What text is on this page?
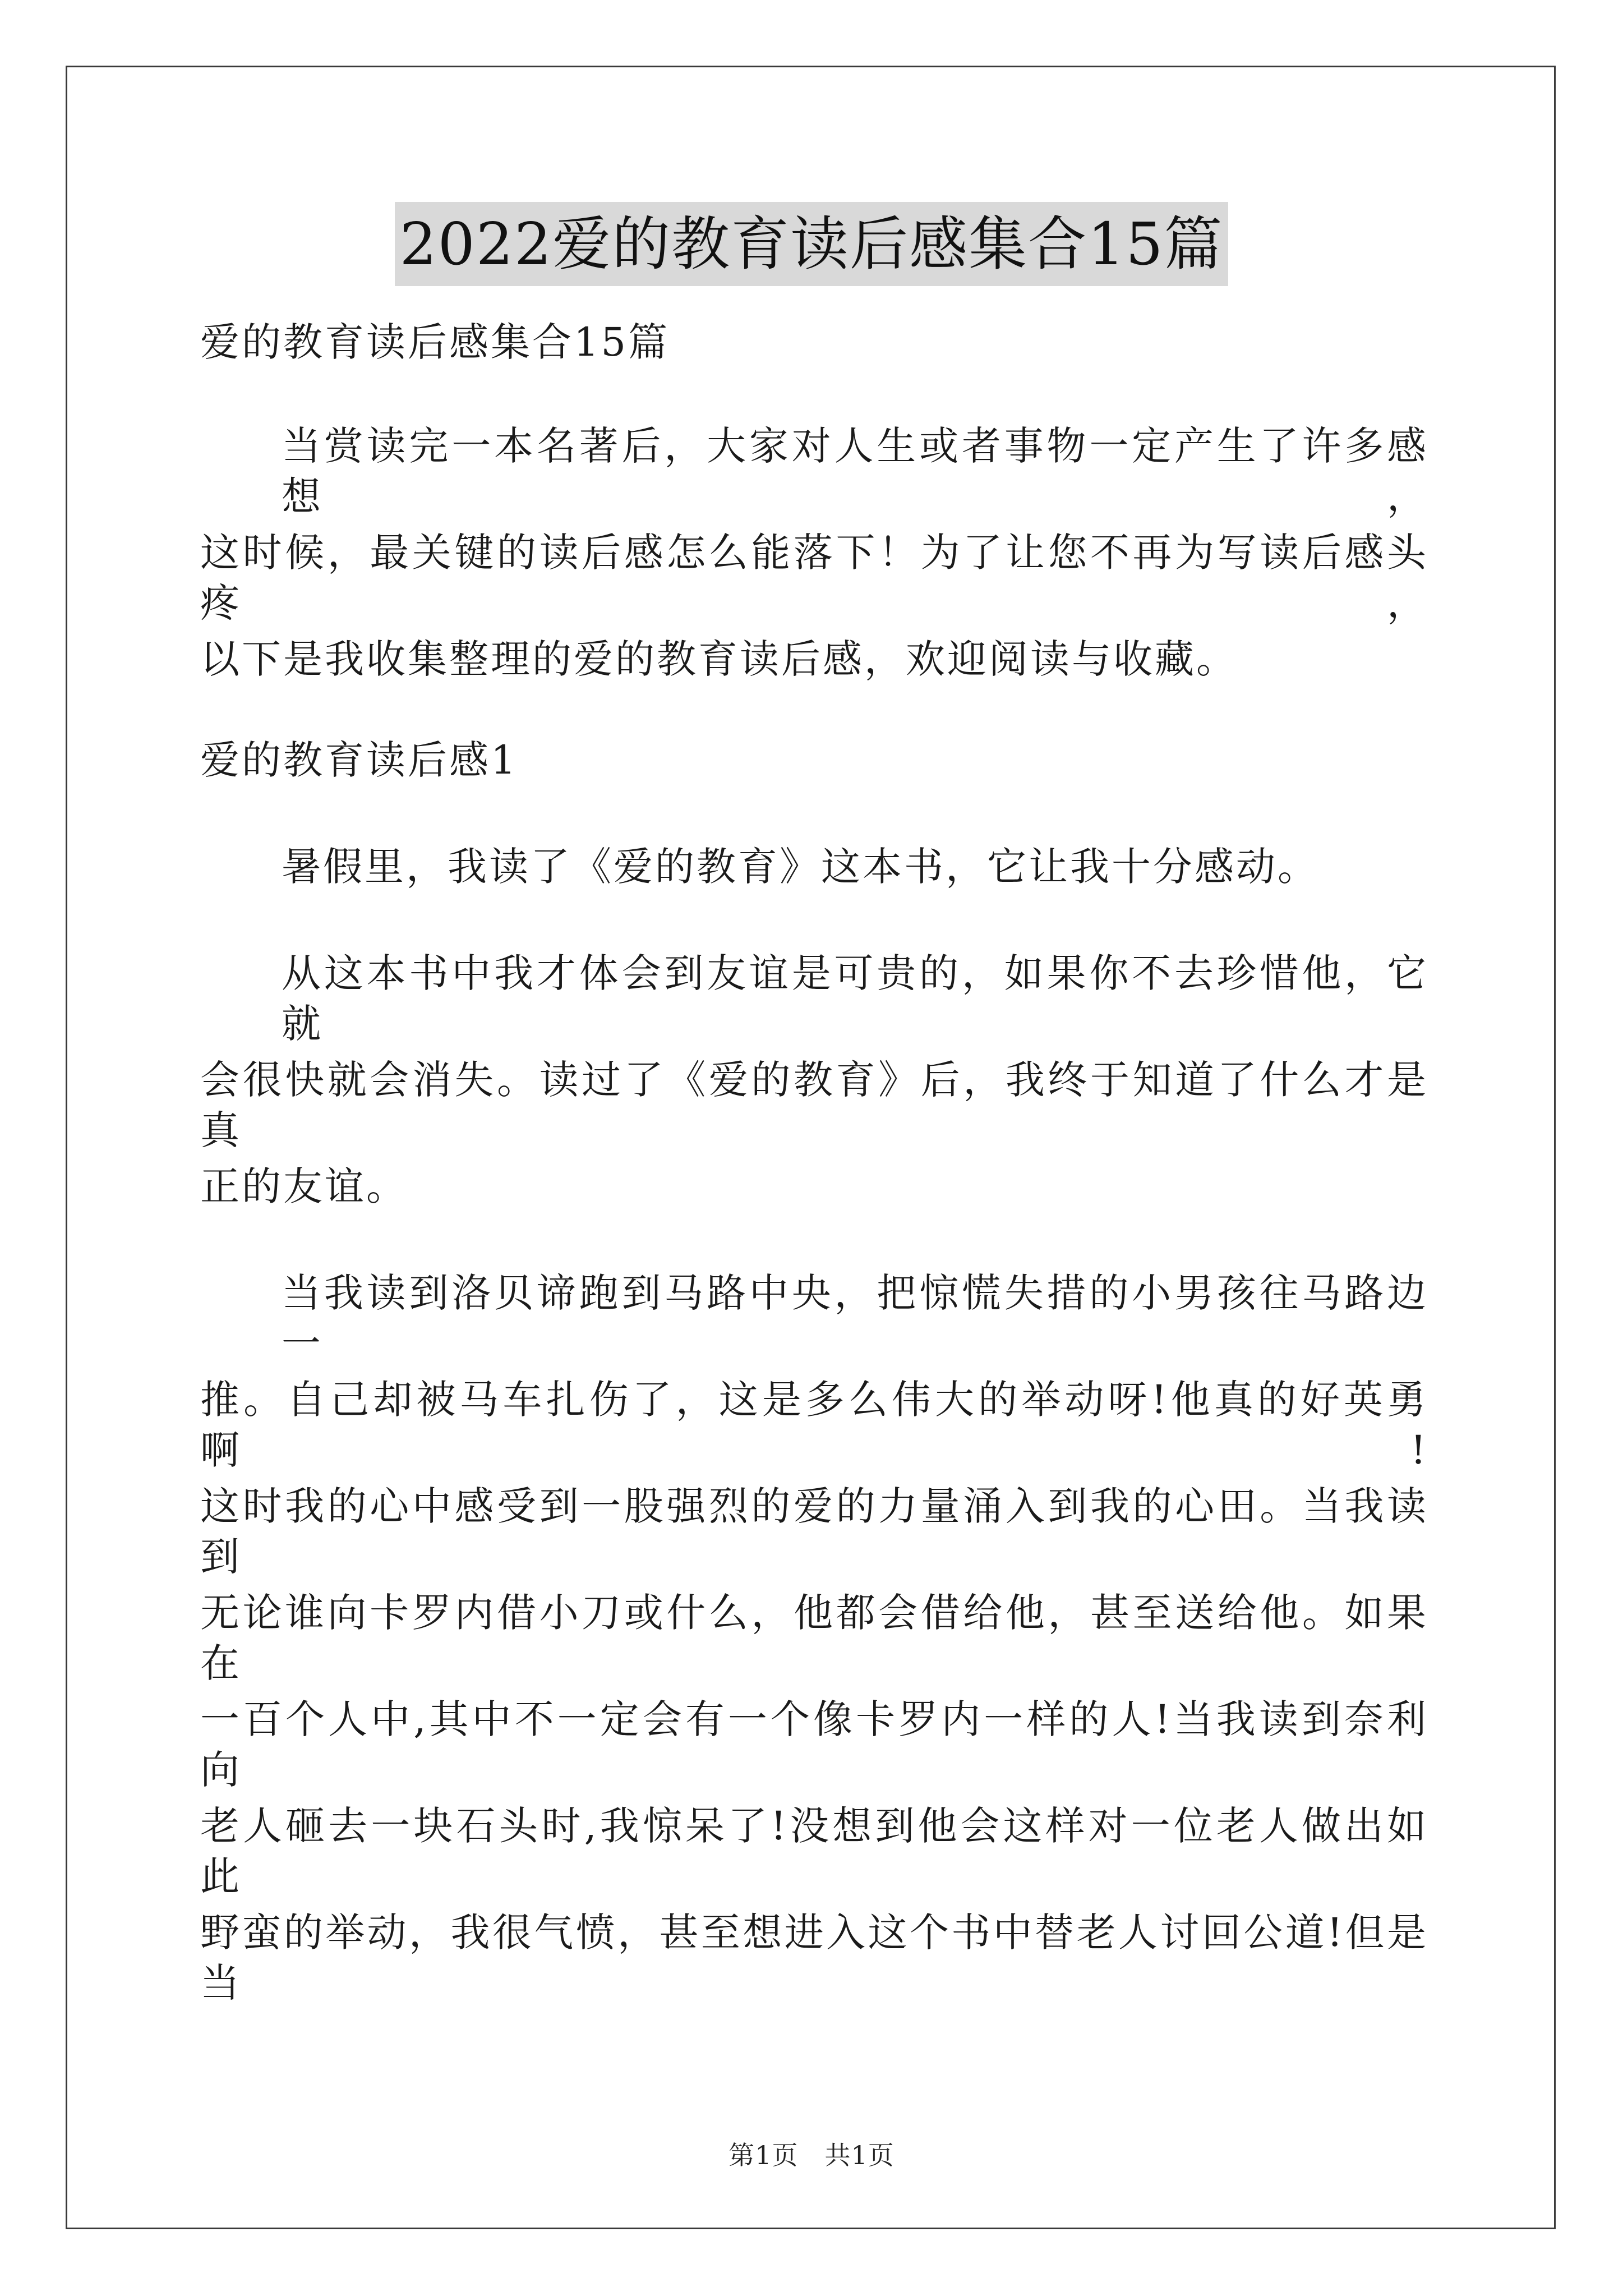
2022爱的教育读后感集合15篇
爱的教育读后感集合15篇
当赏读完一本名著后，大家对人生或者事物一定产生了许多感想，
这时候，最关键的读后感怎么能落下！为了让您不再为写读后感头疼，
以下是我收集整理的爱的教育读后感，欢迎阅读与收藏。
爱的教育读后感1
暑假里，我读了《爱的教育》这本书，它让我十分感动。
从这本书中我才体会到友谊是可贵的，如果你不去珍惜他，它就
会很快就会消失。读过了《爱的教育》后，我终于知道了什么才是真
正的友谊。
当我读到洛贝谛跑到马路中央，把惊慌失措的小男孩往马路边一
推。自己却被马车扎伤了，这是多么伟大的举动呀!他真的好英勇啊!
这时我的心中感受到一股强烈的爱的力量涌入到我的心田。当我读到
无论谁向卡罗内借小刀或什么，他都会借给他，甚至送给他。如果在
一百个人中,其中不一定会有一个像卡罗内一样的人!当我读到奈利向
老人砸去一块石头时,我惊呆了!没想到他会这样对一位老人做出如此
野蛮的举动，我很气愤，甚至想进入这个书中替老人讨回公道!但是当
第1页　共1页
